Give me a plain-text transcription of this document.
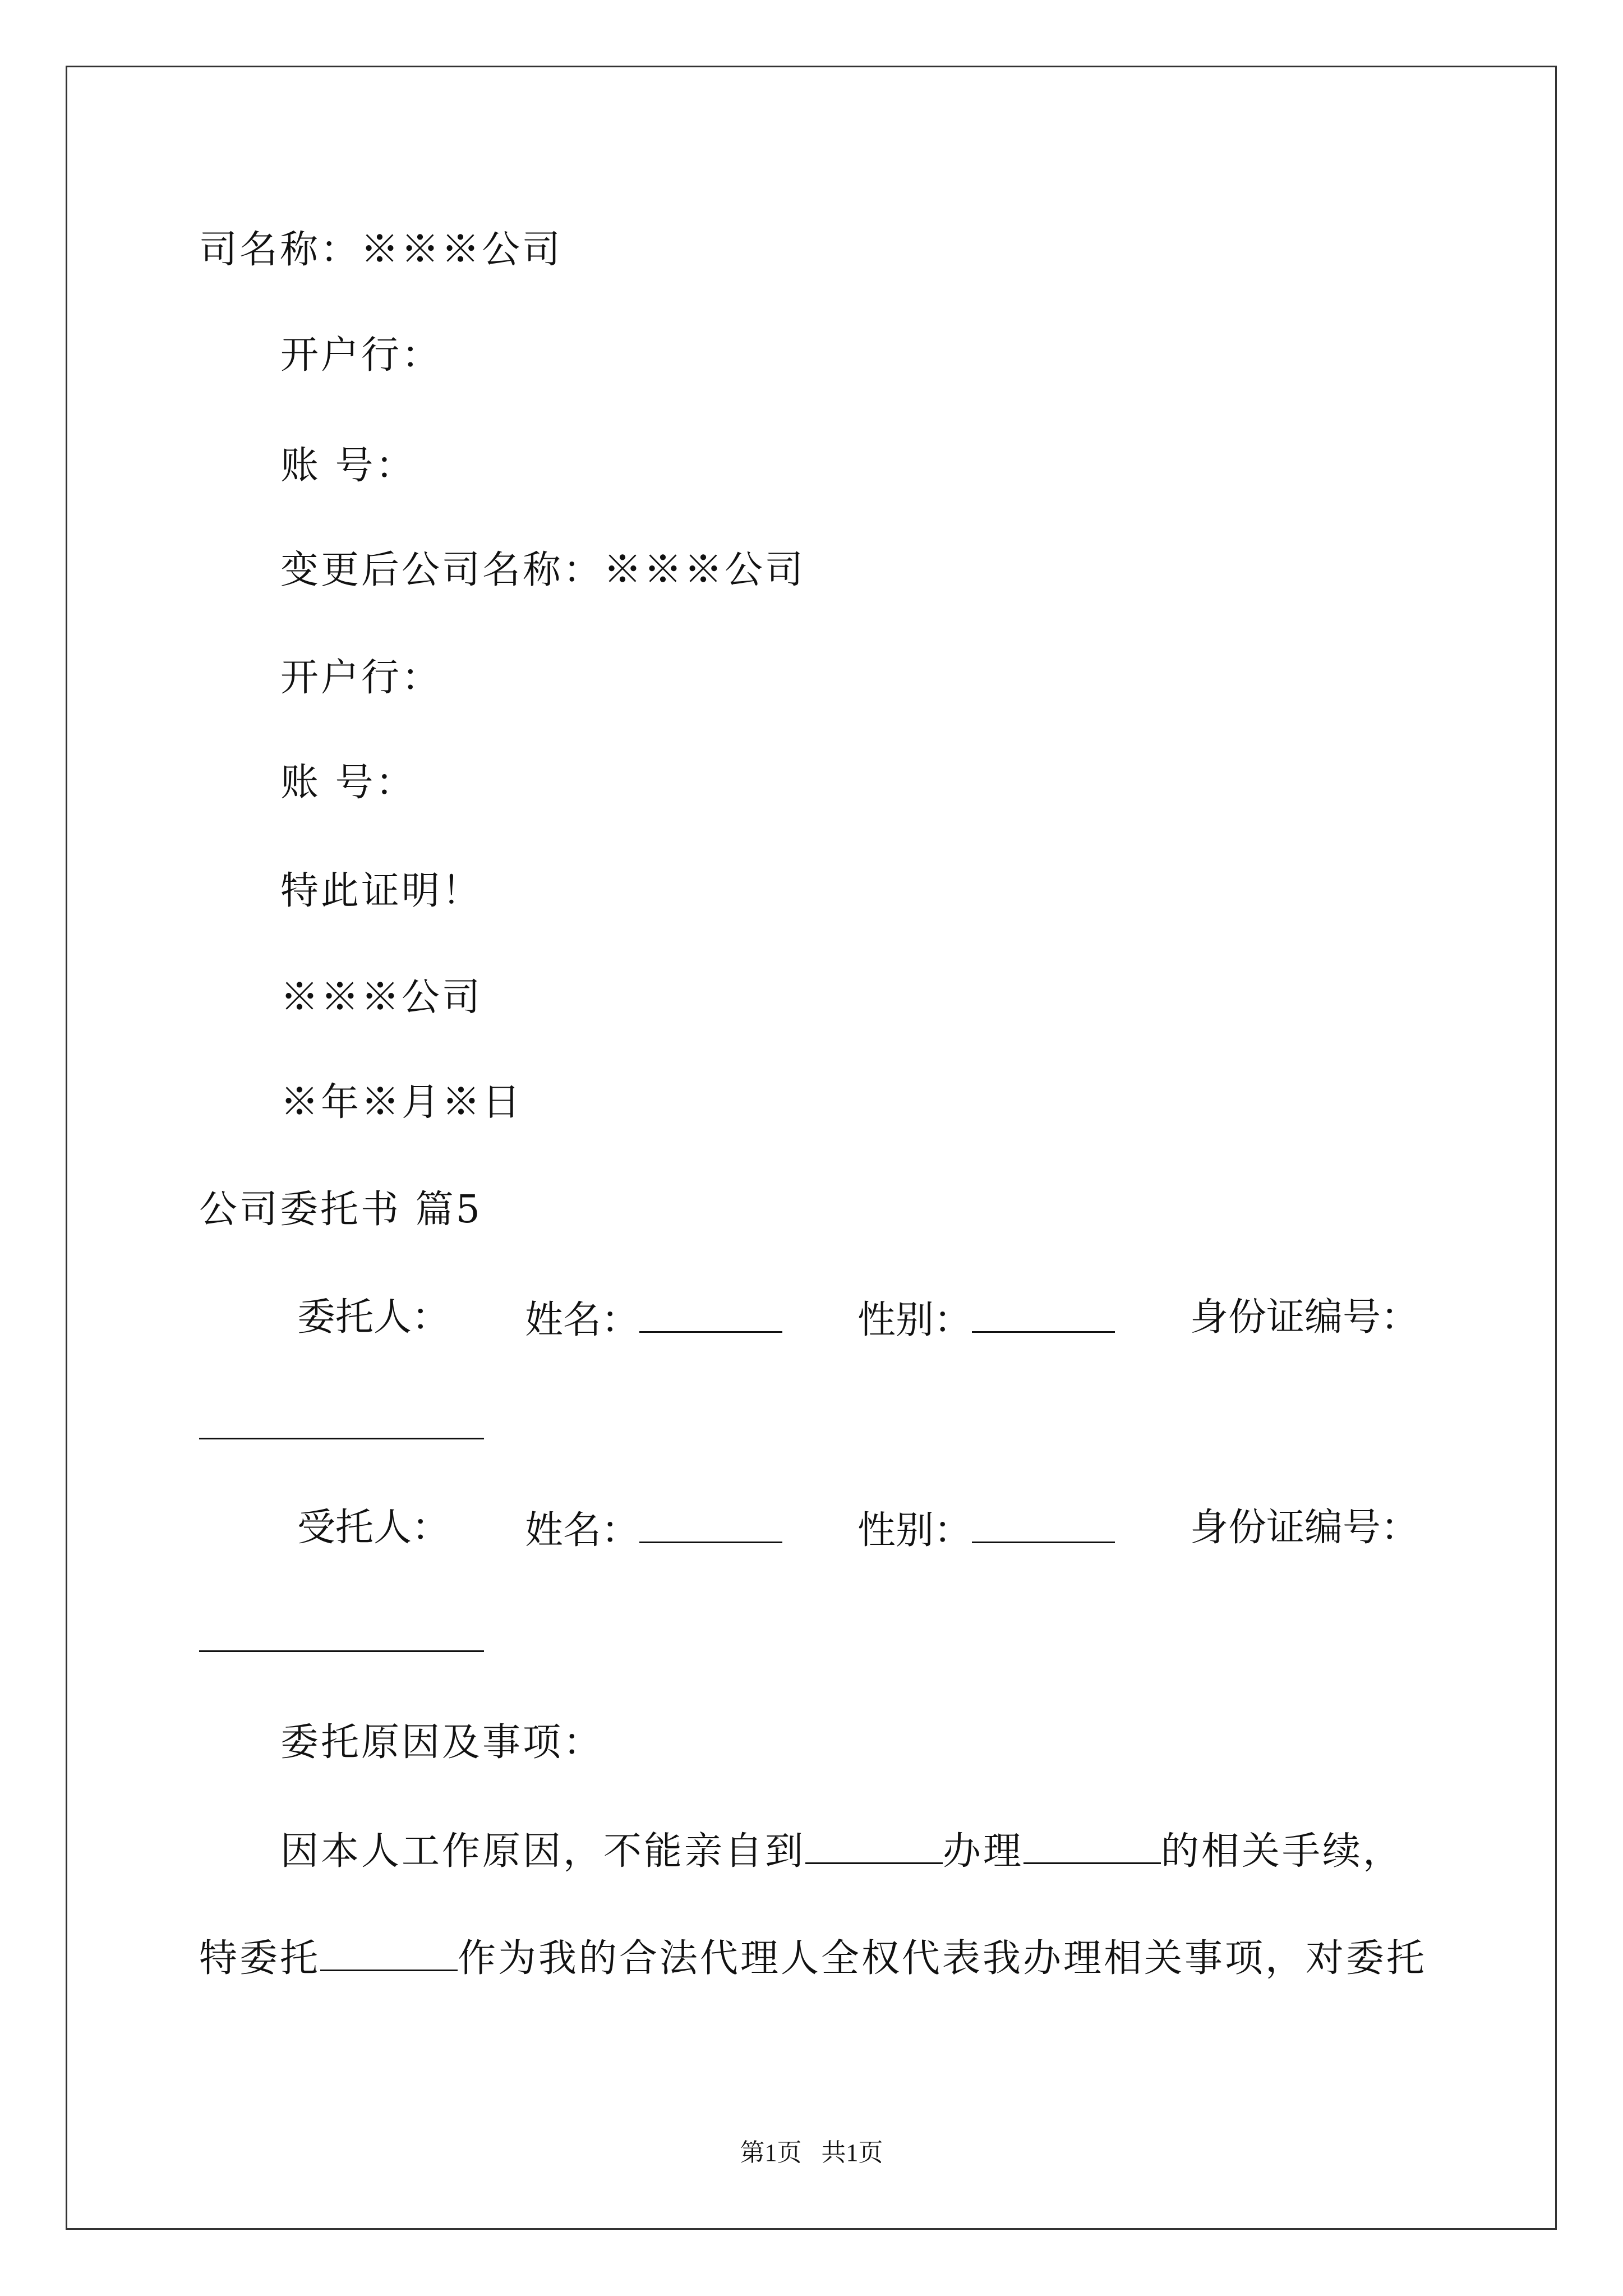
司名称：※※※公司
开户行：
账 号：
变更后公司名称：※※※公司
开户行：
账 号：
特此证明！
※※※公司
※年※月※日
公司委托书 篇5
委托人： 姓名：	性别：	身份证编号：
受托人： 姓名：	性别：	身份证编号：
委托原因及事项：
因本人工作原因，不能亲自到	办理	的相关手续，
特委托	作为我的合法代理人全权代表我办理相关事项，对委托
第1页 共1页
